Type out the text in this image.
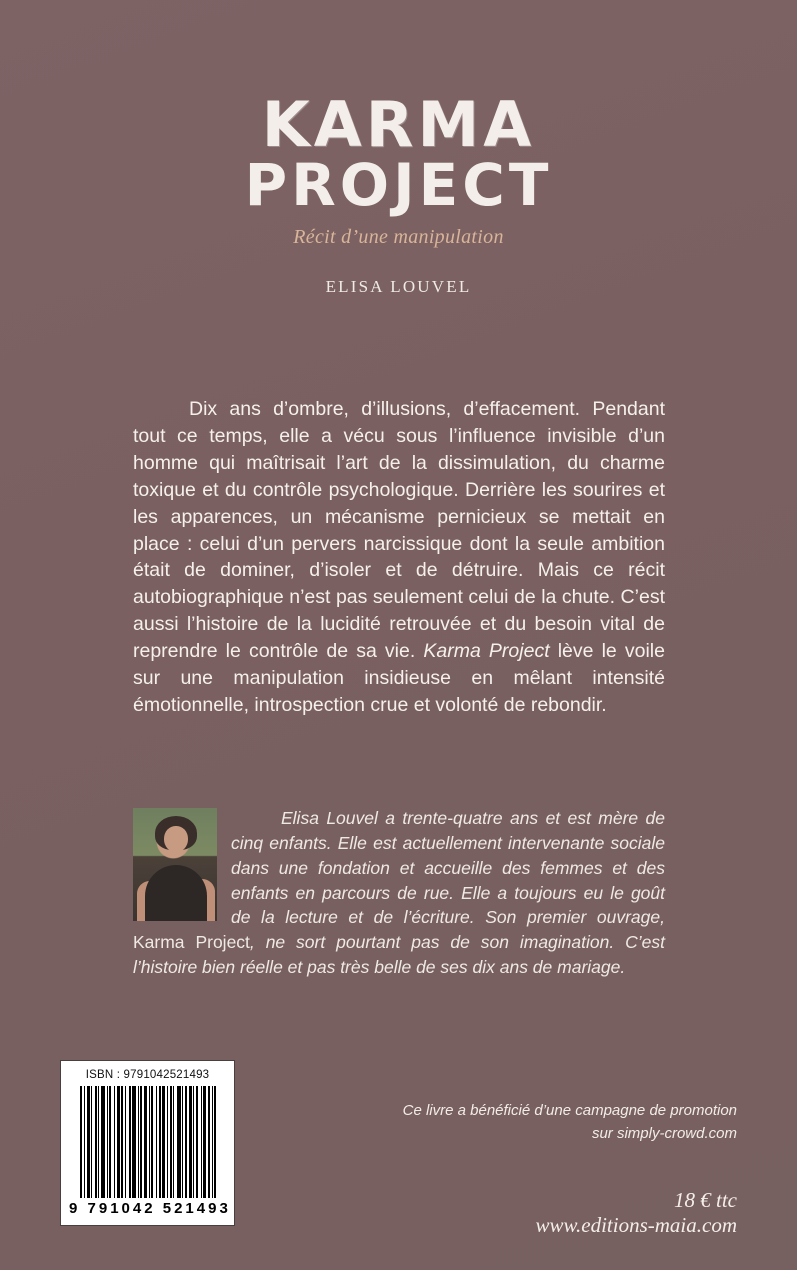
KARMA
PROJECT
Récit d’une manipulation
ELISA LOUVEL

Dix ans d’ombre, d’illusions, d’effacement. Pendant tout ce temps, elle a vécu sous l’influence invisible d’un homme qui maîtrisait l’art de la dissimulation, du charme toxique et du contrôle psychologique. Derrière les sourires et les apparences, un mécanisme pernicieux se mettait en place : celui d’un pervers narcissique dont la seule ambition était de dominer, d’isoler et de détruire. Mais ce récit autobiographique n’est pas seulement celui de la chute. C’est aussi l’histoire de la lucidité retrouvée et du besoin vital de reprendre le contrôle de sa vie. Karma Project lève le voile sur une manipulation insidieuse en mêlant intensité émotionnelle, introspection crue et volonté de rebondir.

Elisa Louvel a trente-quatre ans et est mère de cinq enfants. Elle est actuellement intervenante sociale dans une fondation et accueille des femmes et des enfants en parcours de rue. Elle a toujours eu le goût de la lecture et de l’écriture. Son premier ouvrage, Karma Project, ne sort pourtant pas de son imagination. C’est l’histoire bien réelle et pas très belle de ses dix ans de mariage.
ISBN : 9791042521493
9 791042 521493
Ce livre a bénéficié d’une campagne de promotion
sur simply-crowd.com
18 € ttc
www.editions-maia.com
